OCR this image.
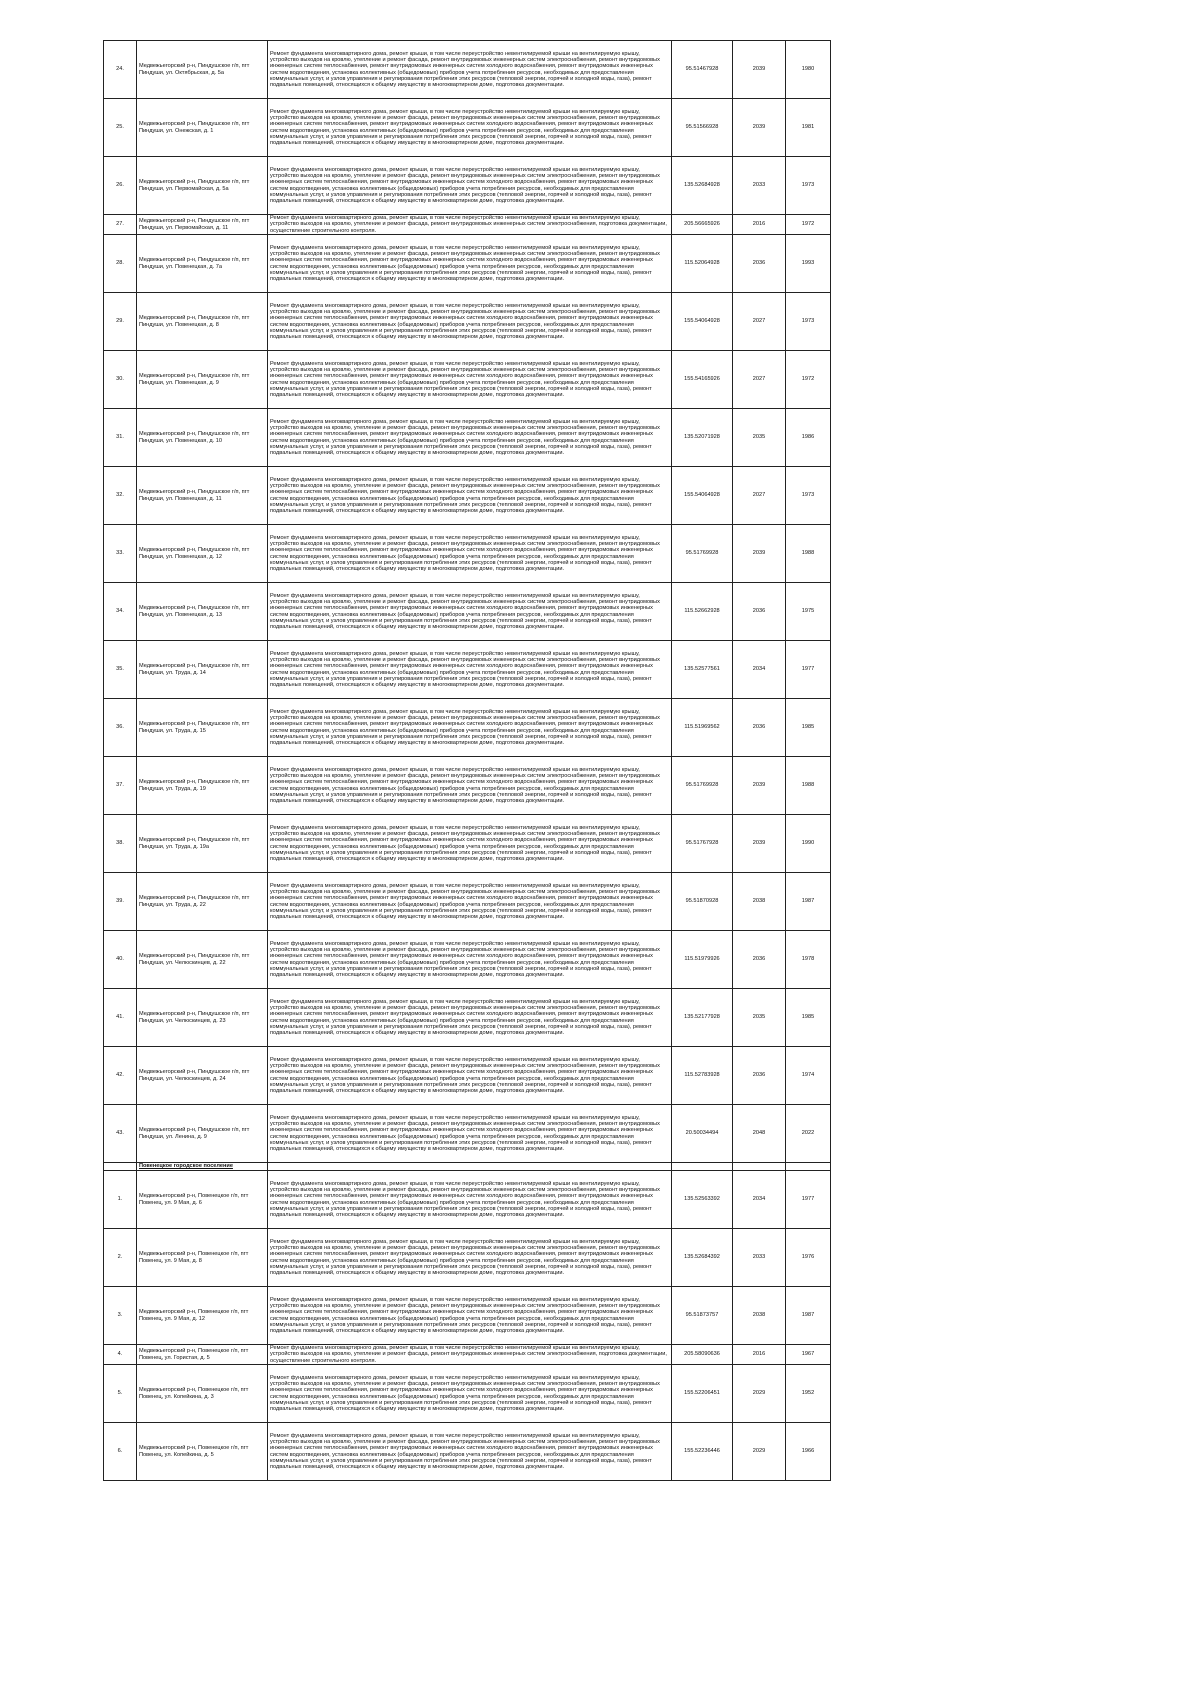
24.	Медвежьегорский р-н, Пиндушское г/п, пгт Пиндуши, ул. Октябрьская, д. 5а	Ремонт фундамента многоквартирного дома, ремонт крыши, в том числе переустройство невентилируемой крыши на вентилируемую крышу, устройство выходов на кровлю, утепление и ремонт фасада, ремонт внутридомовых инженерных систем электроснабжения, ремонт внутридомовых инженерных систем теплоснабжения, ремонт внутридомовых инженерных систем холодного водоснабжения, ремонт внутридомовых инженерных систем водоотведения, установка коллективных (общедомовых) приборов учета потребления ресурсов, необходимых для предоставления коммунальных услуг, и узлов управления и регулирования потребления этих ресурсов (тепловой энергии, горячей и холодной воды, газа), ремонт подвальных помещений, относящихся к общему имуществу в многоквартирном доме, подготовка документации.	95.51467928	2039	1980
25.	Медвежьегорский р-н, Пиндушское г/п, пгт Пиндуши, ул. Онежская, д. 1	Ремонт фундамента многоквартирного дома, ремонт крыши, в том числе переустройство невентилируемой крыши на вентилируемую крышу, устройство выходов на кровлю, утепление и ремонт фасада, ремонт внутридомовых инженерных систем электроснабжения, ремонт внутридомовых инженерных систем теплоснабжения, ремонт внутридомовых инженерных систем холодного водоснабжения, ремонт внутридомовых инженерных систем водоотведения, установка коллективных (общедомовых) приборов учета потребления ресурсов, необходимых для предоставления коммунальных услуг, и узлов управления и регулирования потребления этих ресурсов (тепловой энергии, горячей и холодной воды, газа), ремонт подвальных помещений, относящихся к общему имуществу в многоквартирном доме, подготовка документации.	95.51566928	2039	1981
26.	Медвежьегорский р-н, Пиндушское г/п, пгт Пиндуши, ул. Первомайская, д. 5а	Ремонт фундамента многоквартирного дома, ремонт крыши, в том числе переустройство невентилируемой крыши на вентилируемую крышу, устройство выходов на кровлю, утепление и ремонт фасада, ремонт внутридомовых инженерных систем электроснабжения, ремонт внутридомовых инженерных систем теплоснабжения, ремонт внутридомовых инженерных систем холодного водоснабжения, ремонт внутридомовых инженерных систем водоотведения, установка коллективных (общедомовых) приборов учета потребления ресурсов, необходимых для предоставления коммунальных услуг, и узлов управления и регулирования потребления этих ресурсов (тепловой энергии, горячей и холодной воды, газа), ремонт подвальных помещений, относящихся к общему имуществу в многоквартирном доме, подготовка документации.	135.52684928	2033	1973
27.	Медвежьегорский р-н, Пиндушское г/п, пгт Пиндуши, ул. Первомайская, д. 11	Ремонт фундамента многоквартирного дома, ремонт крыши, в том числе переустройство невентилируемой крыши на вентилируемую крышу, устройство выходов на кровлю, утепление и ремонт фасада, ремонт внутридомовых инженерных систем электроснабжения, подготовка документации, осуществление строительного контроля.	205.56665926	2016	1972
28.	Медвежьегорский р-н, Пиндушское г/п, пгт Пиндуши, ул. Повенецкая, д. 7а	Ремонт фундамента многоквартирного дома, ремонт крыши, в том числе переустройство невентилируемой крыши на вентилируемую крышу, устройство выходов на кровлю, утепление и ремонт фасада, ремонт внутридомовых инженерных систем электроснабжения, ремонт внутридомовых инженерных систем теплоснабжения, ремонт внутридомовых инженерных систем холодного водоснабжения, ремонт внутридомовых инженерных систем водоотведения, установка коллективных (общедомовых) приборов учета потребления ресурсов, необходимых для предоставления коммунальных услуг, и узлов управления и регулирования потребления этих ресурсов (тепловой энергии, горячей и холодной воды, газа), ремонт подвальных помещений, относящихся к общему имуществу в многоквартирном доме, подготовка документации.	115.52064928	2036	1993
29.	Медвежьегорский р-н, Пиндушское г/п, пгт Пиндуши, ул. Повенецкая, д. 8	Ремонт фундамента многоквартирного дома, ремонт крыши, в том числе переустройство невентилируемой крыши на вентилируемую крышу, устройство выходов на кровлю, утепление и ремонт фасада, ремонт внутридомовых инженерных систем электроснабжения, ремонт внутридомовых инженерных систем теплоснабжения, ремонт внутридомовых инженерных систем холодного водоснабжения, ремонт внутридомовых инженерных систем водоотведения, установка коллективных (общедомовых) приборов учета потребления ресурсов, необходимых для предоставления коммунальных услуг, и узлов управления и регулирования потребления этих ресурсов (тепловой энергии, горячей и холодной воды, газа), ремонт подвальных помещений, относящихся к общему имуществу в многоквартирном доме, подготовка документации.	155.54064928	2027	1973
30.	Медвежьегорский р-н, Пиндушское г/п, пгт Пиндуши, ул. Повенецкая, д. 9	Ремонт фундамента многоквартирного дома, ремонт крыши, в том числе переустройство невентилируемой крыши на вентилируемую крышу, устройство выходов на кровлю, утепление и ремонт фасада, ремонт внутридомовых инженерных систем электроснабжения, ремонт внутридомовых инженерных систем теплоснабжения, ремонт внутридомовых инженерных систем холодного водоснабжения, ремонт внутридомовых инженерных систем водоотведения, установка коллективных (общедомовых) приборов учета потребления ресурсов, необходимых для предоставления коммунальных услуг, и узлов управления и регулирования потребления этих ресурсов (тепловой энергии, горячей и холодной воды, газа), ремонт подвальных помещений, относящихся к общему имуществу в многоквартирном доме, подготовка документации.	155.54165926	2027	1972
31.	Медвежьегорский р-н, Пиндушское г/п, пгт Пиндуши, ул. Повенецкая, д. 10	Ремонт фундамента многоквартирного дома, ремонт крыши, в том числе переустройство невентилируемой крыши на вентилируемую крышу, устройство выходов на кровлю, утепление и ремонт фасада, ремонт внутридомовых инженерных систем электроснабжения, ремонт внутридомовых инженерных систем теплоснабжения, ремонт внутридомовых инженерных систем холодного водоснабжения, ремонт внутридомовых инженерных систем водоотведения, установка коллективных (общедомовых) приборов учета потребления ресурсов, необходимых для предоставления коммунальных услуг, и узлов управления и регулирования потребления этих ресурсов (тепловой энергии, горячей и холодной воды, газа), ремонт подвальных помещений, относящихся к общему имуществу в многоквартирном доме, подготовка документации.	135.52071928	2035	1986
32.	Медвежьегорский р-н, Пиндушское г/п, пгт Пиндуши, ул. Повенецкая, д. 11	Ремонт фундамента многоквартирного дома, ремонт крыши, в том числе переустройство невентилируемой крыши на вентилируемую крышу, устройство выходов на кровлю, утепление и ремонт фасада, ремонт внутридомовых инженерных систем электроснабжения, ремонт внутридомовых инженерных систем теплоснабжения, ремонт внутридомовых инженерных систем холодного водоснабжения, ремонт внутридомовых инженерных систем водоотведения, установка коллективных (общедомовых) приборов учета потребления ресурсов, необходимых для предоставления коммунальных услуг, и узлов управления и регулирования потребления этих ресурсов (тепловой энергии, горячей и холодной воды, газа), ремонт подвальных помещений, относящихся к общему имуществу в многоквартирном доме, подготовка документации.	155.54064928	2027	1973
33.	Медвежьегорский р-н, Пиндушское г/п, пгт Пиндуши, ул. Повенецкая, д. 12	Ремонт фундамента многоквартирного дома, ремонт крыши, в том числе переустройство невентилируемой крыши на вентилируемую крышу, устройство выходов на кровлю, утепление и ремонт фасада, ремонт внутридомовых инженерных систем электроснабжения, ремонт внутридомовых инженерных систем теплоснабжения, ремонт внутридомовых инженерных систем холодного водоснабжения, ремонт внутридомовых инженерных систем водоотведения, установка коллективных (общедомовых) приборов учета потребления ресурсов, необходимых для предоставления коммунальных услуг, и узлов управления и регулирования потребления этих ресурсов (тепловой энергии, горячей и холодной воды, газа), ремонт подвальных помещений, относящихся к общему имуществу в многоквартирном доме, подготовка документации.	95.51769928	2039	1988
34.	Медвежьегорский р-н, Пиндушское г/п, пгт Пиндуши, ул. Повенецкая, д. 13	Ремонт фундамента многоквартирного дома, ремонт крыши, в том числе переустройство невентилируемой крыши на вентилируемую крышу, устройство выходов на кровлю, утепление и ремонт фасада, ремонт внутридомовых инженерных систем электроснабжения, ремонт внутридомовых инженерных систем теплоснабжения, ремонт внутридомовых инженерных систем холодного водоснабжения, ремонт внутридомовых инженерных систем водоотведения, установка коллективных (общедомовых) приборов учета потребления ресурсов, необходимых для предоставления коммунальных услуг, и узлов управления и регулирования потребления этих ресурсов (тепловой энергии, горячей и холодной воды, газа), ремонт подвальных помещений, относящихся к общему имуществу в многоквартирном доме, подготовка документации.	115.52662928	2036	1975
35.	Медвежьегорский р-н, Пиндушское г/п, пгт Пиндуши, ул. Труда, д. 14	Ремонт фундамента многоквартирного дома, ремонт крыши, в том числе переустройство невентилируемой крыши на вентилируемую крышу, устройство выходов на кровлю, утепление и ремонт фасада, ремонт внутридомовых инженерных систем электроснабжения, ремонт внутридомовых инженерных систем теплоснабжения, ремонт внутридомовых инженерных систем холодного водоснабжения, ремонт внутридомовых инженерных систем водоотведения, установка коллективных (общедомовых) приборов учета потребления ресурсов, необходимых для предоставления коммунальных услуг, и узлов управления и регулирования потребления этих ресурсов (тепловой энергии, горячей и холодной воды, газа), ремонт подвальных помещений, относящихся к общему имуществу в многоквартирном доме, подготовка документации.	135.52577561	2034	1977
36.	Медвежьегорский р-н, Пиндушское г/п, пгт Пиндуши, ул. Труда, д. 15	Ремонт фундамента многоквартирного дома, ремонт крыши, в том числе переустройство невентилируемой крыши на вентилируемую крышу, устройство выходов на кровлю, утепление и ремонт фасада, ремонт внутридомовых инженерных систем электроснабжения, ремонт внутридомовых инженерных систем теплоснабжения, ремонт внутридомовых инженерных систем холодного водоснабжения, ремонт внутридомовых инженерных систем водоотведения, установка коллективных (общедомовых) приборов учета потребления ресурсов, необходимых для предоставления коммунальных услуг, и узлов управления и регулирования потребления этих ресурсов (тепловой энергии, горячей и холодной воды, газа), ремонт подвальных помещений, относящихся к общему имуществу в многоквартирном доме, подготовка документации.	115.51969562	2036	1985
37.	Медвежьегорский р-н, Пиндушское г/п, пгт Пиндуши, ул. Труда, д. 19	Ремонт фундамента многоквартирного дома, ремонт крыши, в том числе переустройство невентилируемой крыши на вентилируемую крышу, устройство выходов на кровлю, утепление и ремонт фасада, ремонт внутридомовых инженерных систем электроснабжения, ремонт внутридомовых инженерных систем теплоснабжения, ремонт внутридомовых инженерных систем холодного водоснабжения, ремонт внутридомовых инженерных систем водоотведения, установка коллективных (общедомовых) приборов учета потребления ресурсов, необходимых для предоставления коммунальных услуг, и узлов управления и регулирования потребления этих ресурсов (тепловой энергии, горячей и холодной воды, газа), ремонт подвальных помещений, относящихся к общему имуществу в многоквартирном доме, подготовка документации.	95.51769928	2039	1988
38.	Медвежьегорский р-н, Пиндушское г/п, пгт Пиндуши, ул. Труда, д. 19а	Ремонт фундамента многоквартирного дома, ремонт крыши, в том числе переустройство невентилируемой крыши на вентилируемую крышу, устройство выходов на кровлю, утепление и ремонт фасада, ремонт внутридомовых инженерных систем электроснабжения, ремонт внутридомовых инженерных систем теплоснабжения, ремонт внутридомовых инженерных систем холодного водоснабжения, ремонт внутридомовых инженерных систем водоотведения, установка коллективных (общедомовых) приборов учета потребления ресурсов, необходимых для предоставления коммунальных услуг, и узлов управления и регулирования потребления этих ресурсов (тепловой энергии, горячей и холодной воды, газа), ремонт подвальных помещений, относящихся к общему имуществу в многоквартирном доме, подготовка документации.	95.51767928	2039	1990
39.	Медвежьегорский р-н, Пиндушское г/п, пгт Пиндуши, ул. Труда, д. 22	Ремонт фундамента многоквартирного дома, ремонт крыши, в том числе переустройство невентилируемой крыши на вентилируемую крышу, устройство выходов на кровлю, утепление и ремонт фасада, ремонт внутридомовых инженерных систем электроснабжения, ремонт внутридомовых инженерных систем теплоснабжения, ремонт внутридомовых инженерных систем холодного водоснабжения, ремонт внутридомовых инженерных систем водоотведения, установка коллективных (общедомовых) приборов учета потребления ресурсов, необходимых для предоставления коммунальных услуг, и узлов управления и регулирования потребления этих ресурсов (тепловой энергии, горячей и холодной воды, газа), ремонт подвальных помещений, относящихся к общему имуществу в многоквартирном доме, подготовка документации.	95.51870928	2038	1987
40.	Медвежьегорский р-н, Пиндушское г/п, пгт Пиндуши, ул. Челюскинцев, д. 22	Ремонт фундамента многоквартирного дома, ремонт крыши, в том числе переустройство невентилируемой крыши на вентилируемую крышу, устройство выходов на кровлю, утепление и ремонт фасада, ремонт внутридомовых инженерных систем электроснабжения, ремонт внутридомовых инженерных систем теплоснабжения, ремонт внутридомовых инженерных систем холодного водоснабжения, ремонт внутридомовых инженерных систем водоотведения, установка коллективных (общедомовых) приборов учета потребления ресурсов, необходимых для предоставления коммунальных услуг, и узлов управления и регулирования потребления этих ресурсов (тепловой энергии, горячей и холодной воды, газа), ремонт подвальных помещений, относящихся к общему имуществу в многоквартирном доме, подготовка документации.	115.51979926	2036	1978
41.	Медвежьегорский р-н, Пиндушское г/п, пгт Пиндуши, ул. Челюскинцев, д. 23	Ремонт фундамента многоквартирного дома, ремонт крыши, в том числе переустройство невентилируемой крыши на вентилируемую крышу, устройство выходов на кровлю, утепление и ремонт фасада, ремонт внутридомовых инженерных систем электроснабжения, ремонт внутридомовых инженерных систем теплоснабжения, ремонт внутридомовых инженерных систем холодного водоснабжения, ремонт внутридомовых инженерных систем водоотведения, установка коллективных (общедомовых) приборов учета потребления ресурсов, необходимых для предоставления коммунальных услуг, и узлов управления и регулирования потребления этих ресурсов (тепловой энергии, горячей и холодной воды, газа), ремонт подвальных помещений, относящихся к общему имуществу в многоквартирном доме, подготовка документации.	135.52177928	2035	1985
42.	Медвежьегорский р-н, Пиндушское г/п, пгт Пиндуши, ул. Челюскинцев, д. 24	Ремонт фундамента многоквартирного дома, ремонт крыши, в том числе переустройство невентилируемой крыши на вентилируемую крышу, устройство выходов на кровлю, утепление и ремонт фасада, ремонт внутридомовых инженерных систем электроснабжения, ремонт внутридомовых инженерных систем теплоснабжения, ремонт внутридомовых инженерных систем холодного водоснабжения, ремонт внутридомовых инженерных систем водоотведения, установка коллективных (общедомовых) приборов учета потребления ресурсов, необходимых для предоставления коммунальных услуг, и узлов управления и регулирования потребления этих ресурсов (тепловой энергии, горячей и холодной воды, газа), ремонт подвальных помещений, относящихся к общему имуществу в многоквартирном доме, подготовка документации.	115.52783928	2036	1974
43.	Медвежьегорский р-н, Пиндушское г/п, пгт Пиндуши, ул. Ленина, д. 9	Ремонт фундамента многоквартирного дома, ремонт крыши, в том числе переустройство невентилируемой крыши на вентилируемую крышу, устройство выходов на кровлю, утепление и ремонт фасада, ремонт внутридомовых инженерных систем электроснабжения, ремонт внутридомовых инженерных систем теплоснабжения, ремонт внутридомовых инженерных систем холодного водоснабжения, ремонт внутридомовых инженерных систем водоотведения, установка коллективных (общедомовых) приборов учета потребления ресурсов, необходимых для предоставления коммунальных услуг, и узлов управления и регулирования потребления этих ресурсов (тепловой энергии, горячей и холодной воды, газа), ремонт подвальных помещений, относящихся к общему имуществу в многоквартирном доме, подготовка документации.	20.50034494	2048	2022
	Повенецкое городское поселение				
1.	Медвежьегорский р-н, Повенецкое г/п, пгт Повенец, ул. 9 Мая, д. 6	Ремонт фундамента многоквартирного дома, ремонт крыши, в том числе переустройство невентилируемой крыши на вентилируемую крышу, устройство выходов на кровлю, утепление и ремонт фасада, ремонт внутридомовых инженерных систем электроснабжения, ремонт внутридомовых инженерных систем теплоснабжения, ремонт внутридомовых инженерных систем холодного водоснабжения, ремонт внутридомовых инженерных систем водоотведения, установка коллективных (общедомовых) приборов учета потребления ресурсов, необходимых для предоставления коммунальных услуг, и узлов управления и регулирования потребления этих ресурсов (тепловой энергии, горячей и холодной воды, газа), ремонт подвальных помещений, относящихся к общему имуществу в многоквартирном доме, подготовка документации.	135.52563392	2034	1977
2.	Медвежьегорский р-н, Повенецкое г/п, пгт Повенец, ул. 9 Мая, д. 8	Ремонт фундамента многоквартирного дома, ремонт крыши, в том числе переустройство невентилируемой крыши на вентилируемую крышу, устройство выходов на кровлю, утепление и ремонт фасада, ремонт внутридомовых инженерных систем электроснабжения, ремонт внутридомовых инженерных систем теплоснабжения, ремонт внутридомовых инженерных систем холодного водоснабжения, ремонт внутридомовых инженерных систем водоотведения, установка коллективных (общедомовых) приборов учета потребления ресурсов, необходимых для предоставления коммунальных услуг, и узлов управления и регулирования потребления этих ресурсов (тепловой энергии, горячей и холодной воды, газа), ремонт подвальных помещений, относящихся к общему имуществу в многоквартирном доме, подготовка документации.	135.52684392	2033	1976
3.	Медвежьегорский р-н, Повенецкое г/п, пгт Повенец, ул. 9 Мая, д. 12	Ремонт фундамента многоквартирного дома, ремонт крыши, в том числе переустройство невентилируемой крыши на вентилируемую крышу, устройство выходов на кровлю, утепление и ремонт фасада, ремонт внутридомовых инженерных систем электроснабжения, ремонт внутридомовых инженерных систем теплоснабжения, ремонт внутридомовых инженерных систем холодного водоснабжения, ремонт внутридомовых инженерных систем водоотведения, установка коллективных (общедомовых) приборов учета потребления ресурсов, необходимых для предоставления коммунальных услуг, и узлов управления и регулирования потребления этих ресурсов (тепловой энергии, горячей и холодной воды, газа), ремонт подвальных помещений, относящихся к общему имуществу в многоквартирном доме, подготовка документации.	95.51873757	2038	1987
4.	Медвежьегорский р-н, Повенецкое г/п, пгт Повенец, ул. Гористая, д. 5	Ремонт фундамента многоквартирного дома, ремонт крыши, в том числе переустройство невентилируемой крыши на вентилируемую крышу, устройство выходов на кровлю, утепление и ремонт фасада, ремонт внутридомовых инженерных систем электроснабжения, подготовка документации, осуществление строительного контроля.	205.58090636	2016	1967
5.	Медвежьегорский р-н, Повенецкое г/п, пгт Повенец, ул. Копейкина, д. 3	Ремонт фундамента многоквартирного дома, ремонт крыши, в том числе переустройство невентилируемой крыши на вентилируемую крышу, устройство выходов на кровлю, утепление и ремонт фасада, ремонт внутридомовых инженерных систем электроснабжения, ремонт внутридомовых инженерных систем теплоснабжения, ремонт внутридомовых инженерных систем холодного водоснабжения, ремонт внутридомовых инженерных систем водоотведения, установка коллективных (общедомовых) приборов учета потребления ресурсов, необходимых для предоставления коммунальных услуг, и узлов управления и регулирования потребления этих ресурсов (тепловой энергии, горячей и холодной воды, газа), ремонт подвальных помещений, относящихся к общему имуществу в многоквартирном доме, подготовка документации.	155.52206451	2029	1952
6.	Медвежьегорский р-н, Повенецкое г/п, пгт Повенец, ул. Копейкина, д. 5	Ремонт фундамента многоквартирного дома, ремонт крыши, в том числе переустройство невентилируемой крыши на вентилируемую крышу, устройство выходов на кровлю, утепление и ремонт фасада, ремонт внутридомовых инженерных систем электроснабжения, ремонт внутридомовых инженерных систем теплоснабжения, ремонт внутридомовых инженерных систем холодного водоснабжения, ремонт внутридомовых инженерных систем водоотведения, установка коллективных (общедомовых) приборов учета потребления ресурсов, необходимых для предоставления коммунальных услуг, и узлов управления и регулирования потребления этих ресурсов (тепловой энергии, горячей и холодной воды, газа), ремонт подвальных помещений, относящихся к общему имуществу в многоквартирном доме, подготовка документации.	155.52236446	2029	1966
